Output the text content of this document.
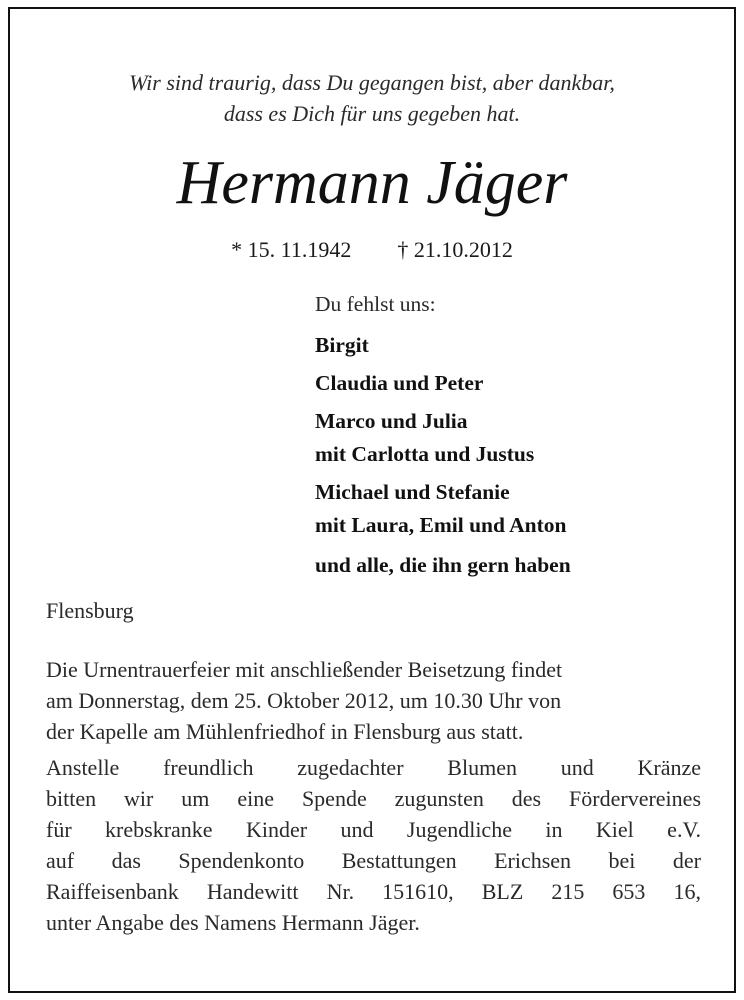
Wir sind traurig, dass Du gegangen bist, aber dankbar,
dass es Dich für uns gegeben hat.

Hermann Jäger
* 15. 11.1942 † 21.10.2012

Du fehlst uns:

Birgit
Claudia und Peter
Marco und Julia
mit Carlotta und Justus
Michael und Stefanie
mit Laura, Emil und Anton
und alle, die ihn gern haben
Flensburg

Die Urnentrauerfeier mit anschließender Beisetzung findet
am Donnerstag, dem 25. Oktober 2012, um 10.30 Uhr von
der Kapelle am Mühlenfriedhof in Flensburg aus statt.

Anstelle freundlich zugedachter Blumen und Kränze
bitten wir um eine Spende zugunsten des Fördervereines
für krebskranke Kinder und Jugendliche in Kiel e.V.
auf das Spendenkonto Bestattungen Erichsen bei der
Raiffeisenbank Handewitt Nr. 151610, BLZ 215 653 16,
unter Angabe des Namens Hermann Jäger.
